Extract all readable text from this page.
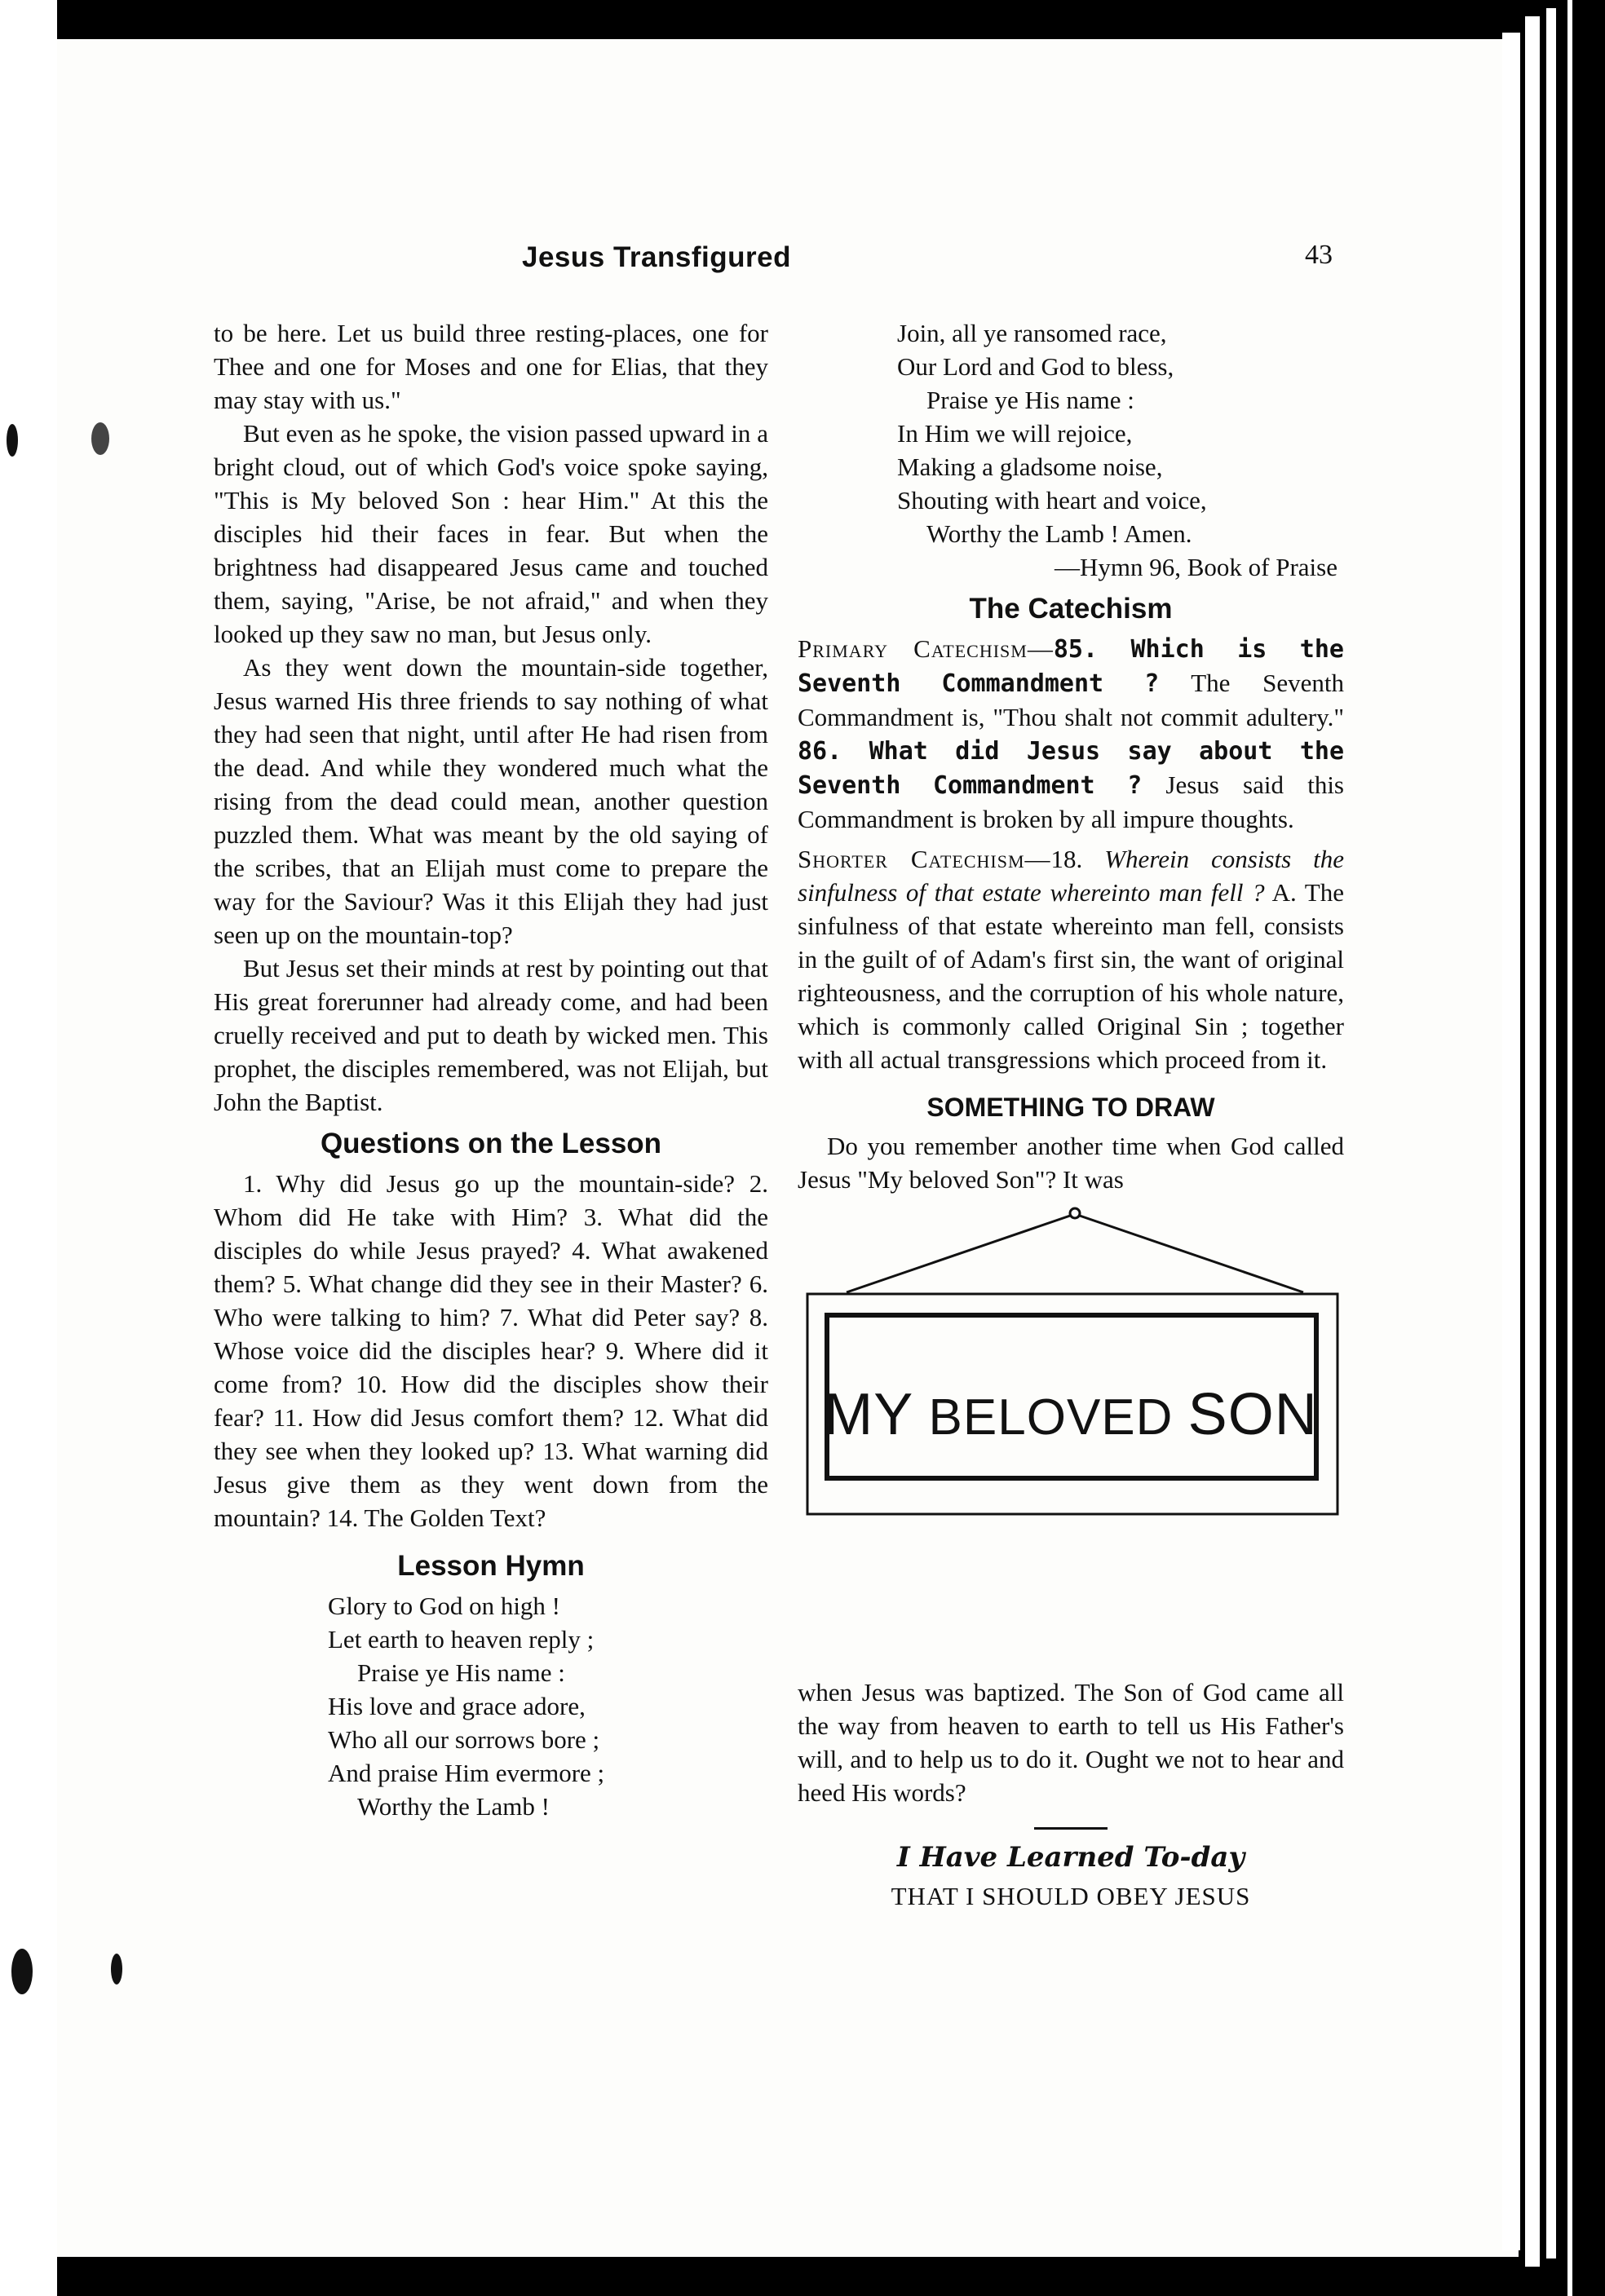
Jesus Transfigured	43

to be here. Let us build three resting-places, one for Thee and one for Moses and one for Elias, that they may stay with us."

But even as he spoke, the vision passed upward in a bright cloud, out of which God's voice spoke saying, "This is My beloved Son : hear Him." At this the disciples hid their faces in fear. But when the brightness had disappeared Jesus came and touched them, saying, "Arise, be not afraid," and when they looked up they saw no man, but Jesus only.

As they went down the mountain-side together, Jesus warned His three friends to say nothing of what they had seen that night, until after He had risen from the dead. And while they wondered much what the rising from the dead could mean, another question puzzled them. What was meant by the old saying of the scribes, that an Elijah must come to prepare the way for the Saviour? Was it this Elijah they had just seen up on the mountain-top?

But Jesus set their minds at rest by pointing out that His great forerunner had already come, and had been cruelly received and put to death by wicked men. This prophet, the disciples remembered, was not Elijah, but John the Baptist.

Questions on the Lesson

1. Why did Jesus go up the mountain-side? 2. Whom did He take with Him? 3. What did the disciples do while Jesus prayed? 4. What awakened them? 5. What change did they see in their Master? 6. Who were talking to him? 7. What did Peter say? 8. Whose voice did the disciples hear? 9. Where did it come from? 10. How did the disciples show their fear? 11. How did Jesus comfort them? 12. What did they see when they looked up? 13. What warning did Jesus give them as they went down from the mountain? 14. The Golden Text?

Lesson Hymn
Glory to God on high !
Let earth to heaven reply ;
Praise ye His name :
His love and grace adore,
Who all our sorrows bore ;
And praise Him evermore ;
Worthy the Lamb !
Join, all ye ransomed race,
Our Lord and God to bless,
Praise ye His name :
In Him we will rejoice,
Making a gladsome noise,
Shouting with heart and voice,
Worthy the Lamb ! Amen.
—Hymn 96, Book of Praise
The Catechism

Primary Catechism—85. Which is the Seventh Commandment ? The Seventh Commandment is, "Thou shalt not commit adultery." 86. What did Jesus say about the Seventh Commandment ? Jesus said this Commandment is broken by all impure thoughts.

Shorter Catechism—18. Wherein consists the sinfulness of that estate whereinto man fell ? A. The sinfulness of that estate whereinto man fell, consists in the guilt of of Adam's first sin, the want of original righteousness, and the corruption of his whole nature, which is commonly called Original Sin ; together with all actual transgressions which proceed from it.

SOMETHING TO DRAW

Do you remember another time when God called Jesus "My beloved Son"? It was

MY BELOVED SON

when Jesus was baptized. The Son of God came all the way from heaven to earth to tell us His Father's will, and to help us to do it. Ought we not to hear and heed His words?

I Have Learned To-day
THAT I SHOULD OBEY JESUS
